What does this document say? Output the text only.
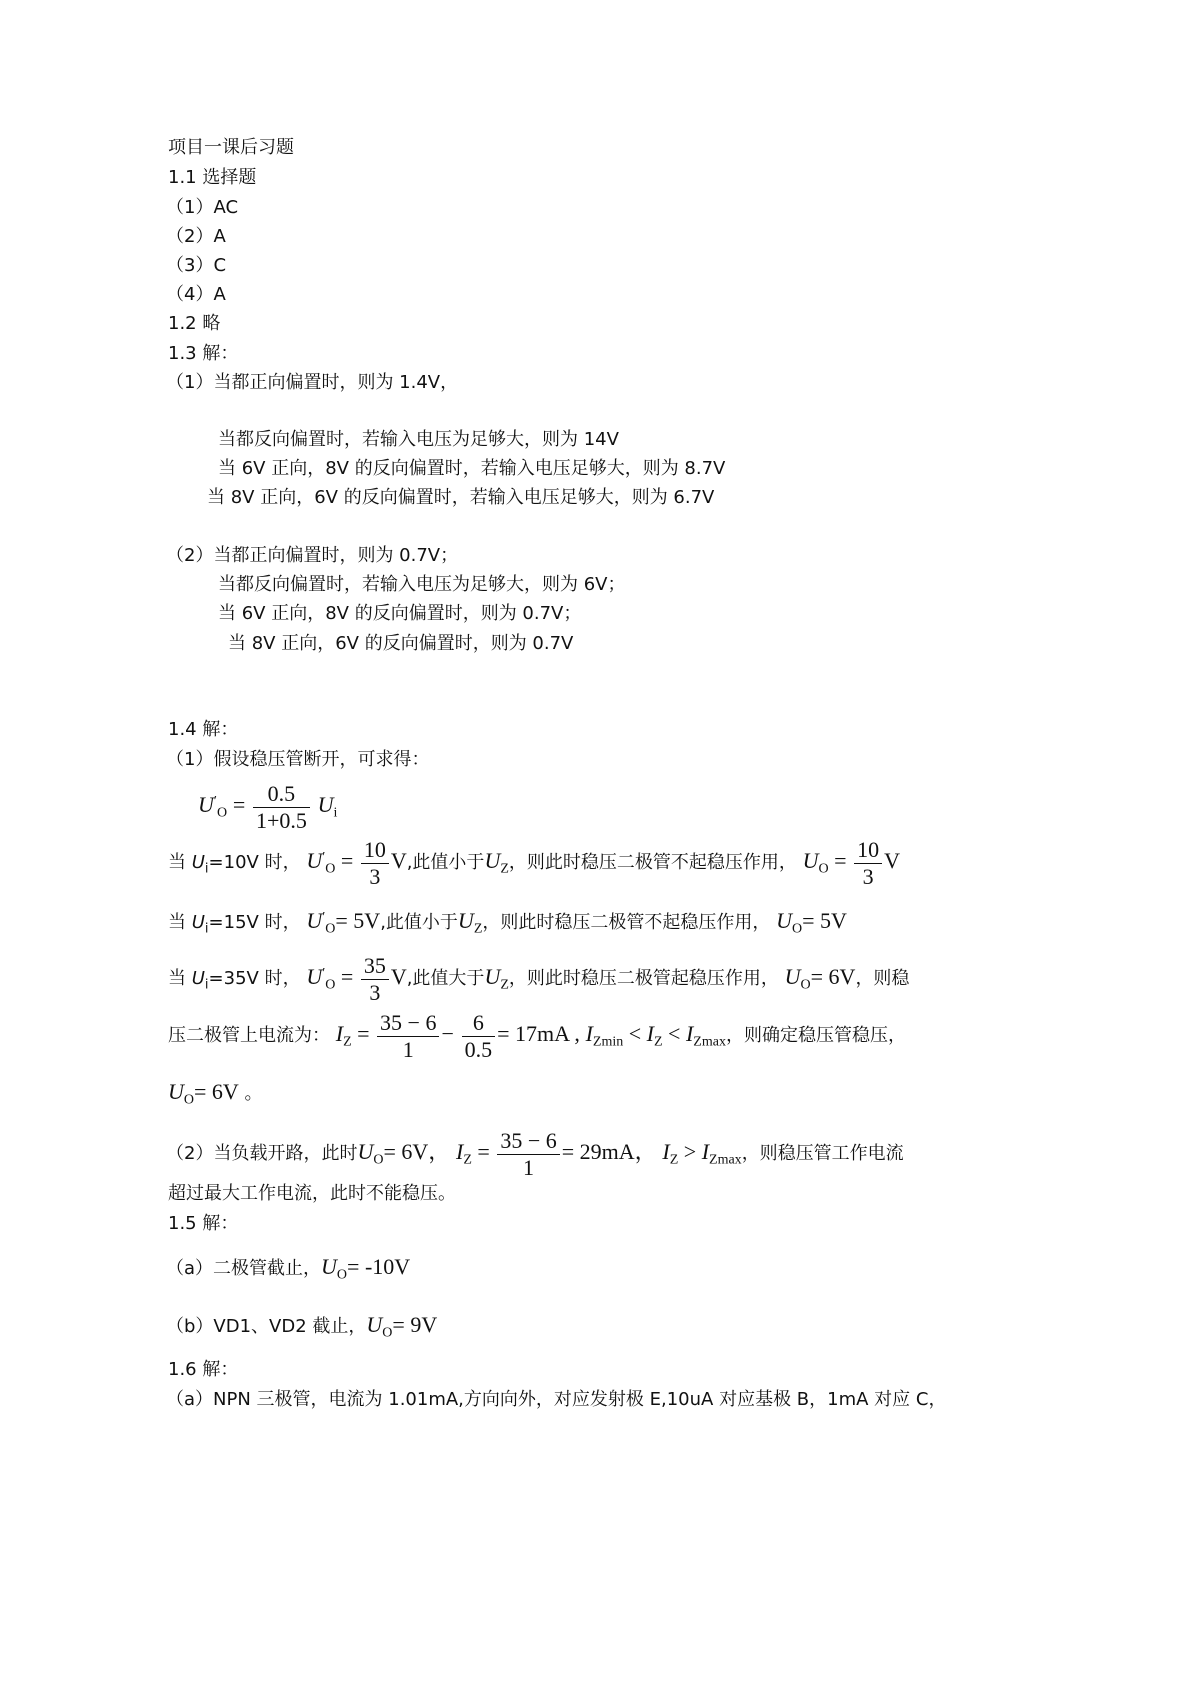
项目一课后习题
1.1 选择题
（1）AC
（2）A
（3）C
（4）A
1.2 略
1.3 解：
（1）当都正向偏置时，则为 1.4V，
当都反向偏置时，若输入电压为足够大，则为 14V
当 6V 正向，8V 的反向偏置时，若输入电压足够大，则为 8.7V
当 8V 正向，6V 的反向偏置时，若输入电压足够大，则为 6.7V
（2）当都正向偏置时，则为 0.7V；
当都反向偏置时，若输入电压为足够大，则为 6V；
当 6V 正向，8V 的反向偏置时，则为 0.7V；
当 8V 正向，6V 的反向偏置时，则为 0.7V
1.4 解：
（1）假设稳压管断开，可求得：
$U'_O = \frac{0.5}{1+0.5} U_i$
当 $U_i=10V$ 时， $U'_O = \frac{10}{3} V$,此值小于$U_Z$，则此时稳压二极管不起稳压作用， $U_O = \frac{10}{3}$ V
当 $U_i=15V$ 时， $U'_O= 5V$,此值小于$U_Z$，则此时稳压二极管不起稳压作用， $U_O= 5V$
当 $U_i=35V$ 时， $U'_O = \frac{35}{3} V$,此值大于$U_Z$，则此时稳压二极管起稳压作用， $U_O= 6V$，则稳
压二极管上电流为： $I_Z = \frac{35 - 6}{1} - \frac{6}{0.5} = 17mA$ , $I_{Zmin} < I_Z < I_{Zmax}$，则确定稳压管稳压，
$U_O= 6V$ 。
（2）当负载开路，此时$U_O= 6V$， $I_Z = \frac{35 - 6}{1} = 29mA$， $I_Z > I_{Zmax}$，则稳压管工作电流
超过最大工作电流，此时不能稳压。
1.5 解：
（a）二极管截止，$U_O= -10V$
（b）VD1、VD2 截止，$U_O= 9V$
1.6 解：
（a）NPN 三极管，电流为 1.01mA,方向向外，对应发射极 E,10uA 对应基极 B，1mA 对应 C，
